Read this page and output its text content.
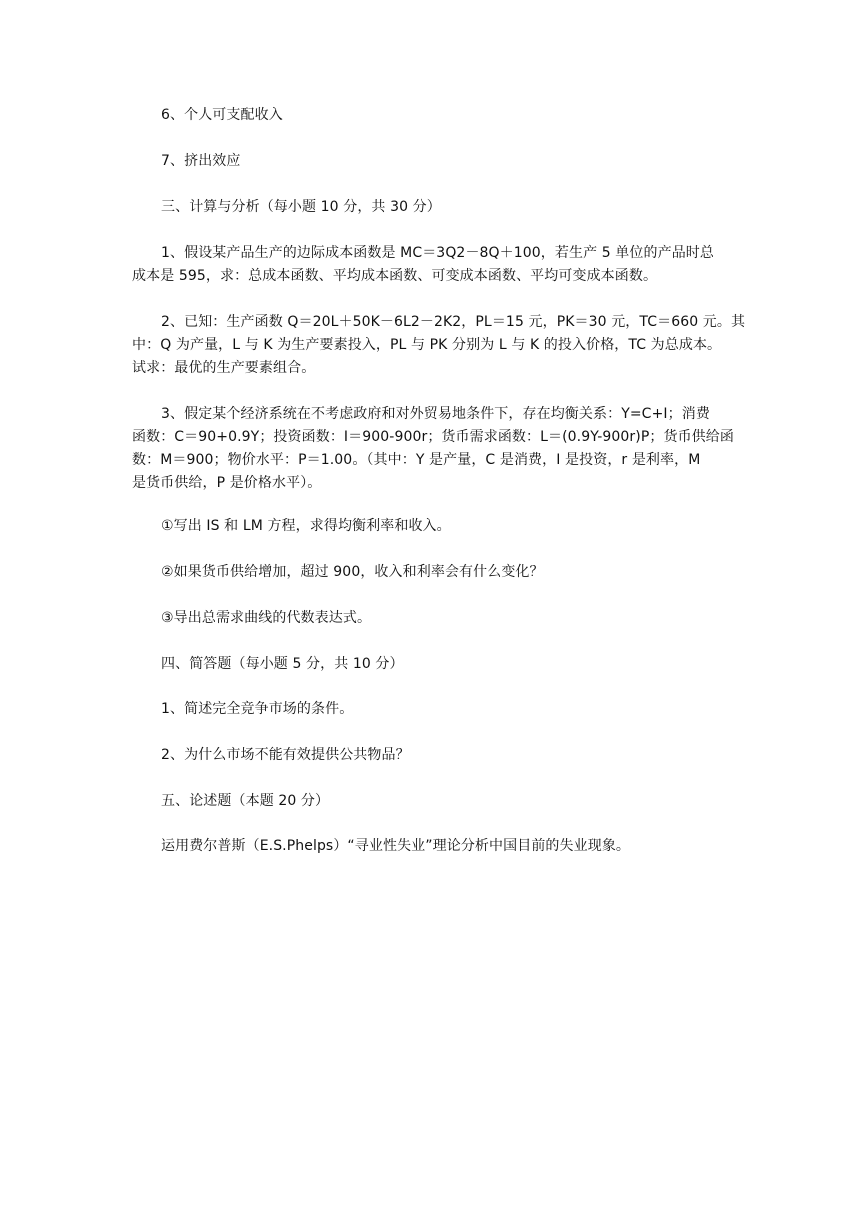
6、个人可支配收入

7、挤出效应

三、计算与分析（每小题 10 分，共 30 分）

1、假设某产品生产的边际成本函数是 MC＝3Q2－8Q＋100，若生产 5 单位的产品时总
成本是 595，求：总成本函数、平均成本函数、可变成本函数、平均可变成本函数。

2、已知：生产函数 Q＝20L＋50K－6L2－2K2，PL＝15 元，PK＝30 元，TC＝660 元。其
中：Q 为产量，L 与 K 为生产要素投入，PL 与 PK 分别为 L 与 K 的投入价格，TC 为总成本。
试求：最优的生产要素组合。

3、假定某个经济系统在不考虑政府和对外贸易地条件下，存在均衡关系：Y=C+I；消费
函数：C＝90+0.9Y；投资函数：I＝900-900r；货币需求函数：L＝(0.9Y-900r)P；货币供给函
数：M＝900；物价水平：P＝1.00。（其中：Y 是产量，C 是消费，I 是投资，r 是利率，M
是货币供给，P 是价格水平）。

①写出 IS 和 LM 方程，求得均衡利率和收入。

②如果货币供给增加，超过 900，收入和利率会有什么变化？

③导出总需求曲线的代数表达式。

四、简答题（每小题 5 分，共 10 分）

1、简述完全竞争市场的条件。

2、为什么市场不能有效提供公共物品？

五、论述题（本题 20 分）

运用费尔普斯（E.S.Phelps）“寻业性失业”理论分析中国目前的失业现象。
